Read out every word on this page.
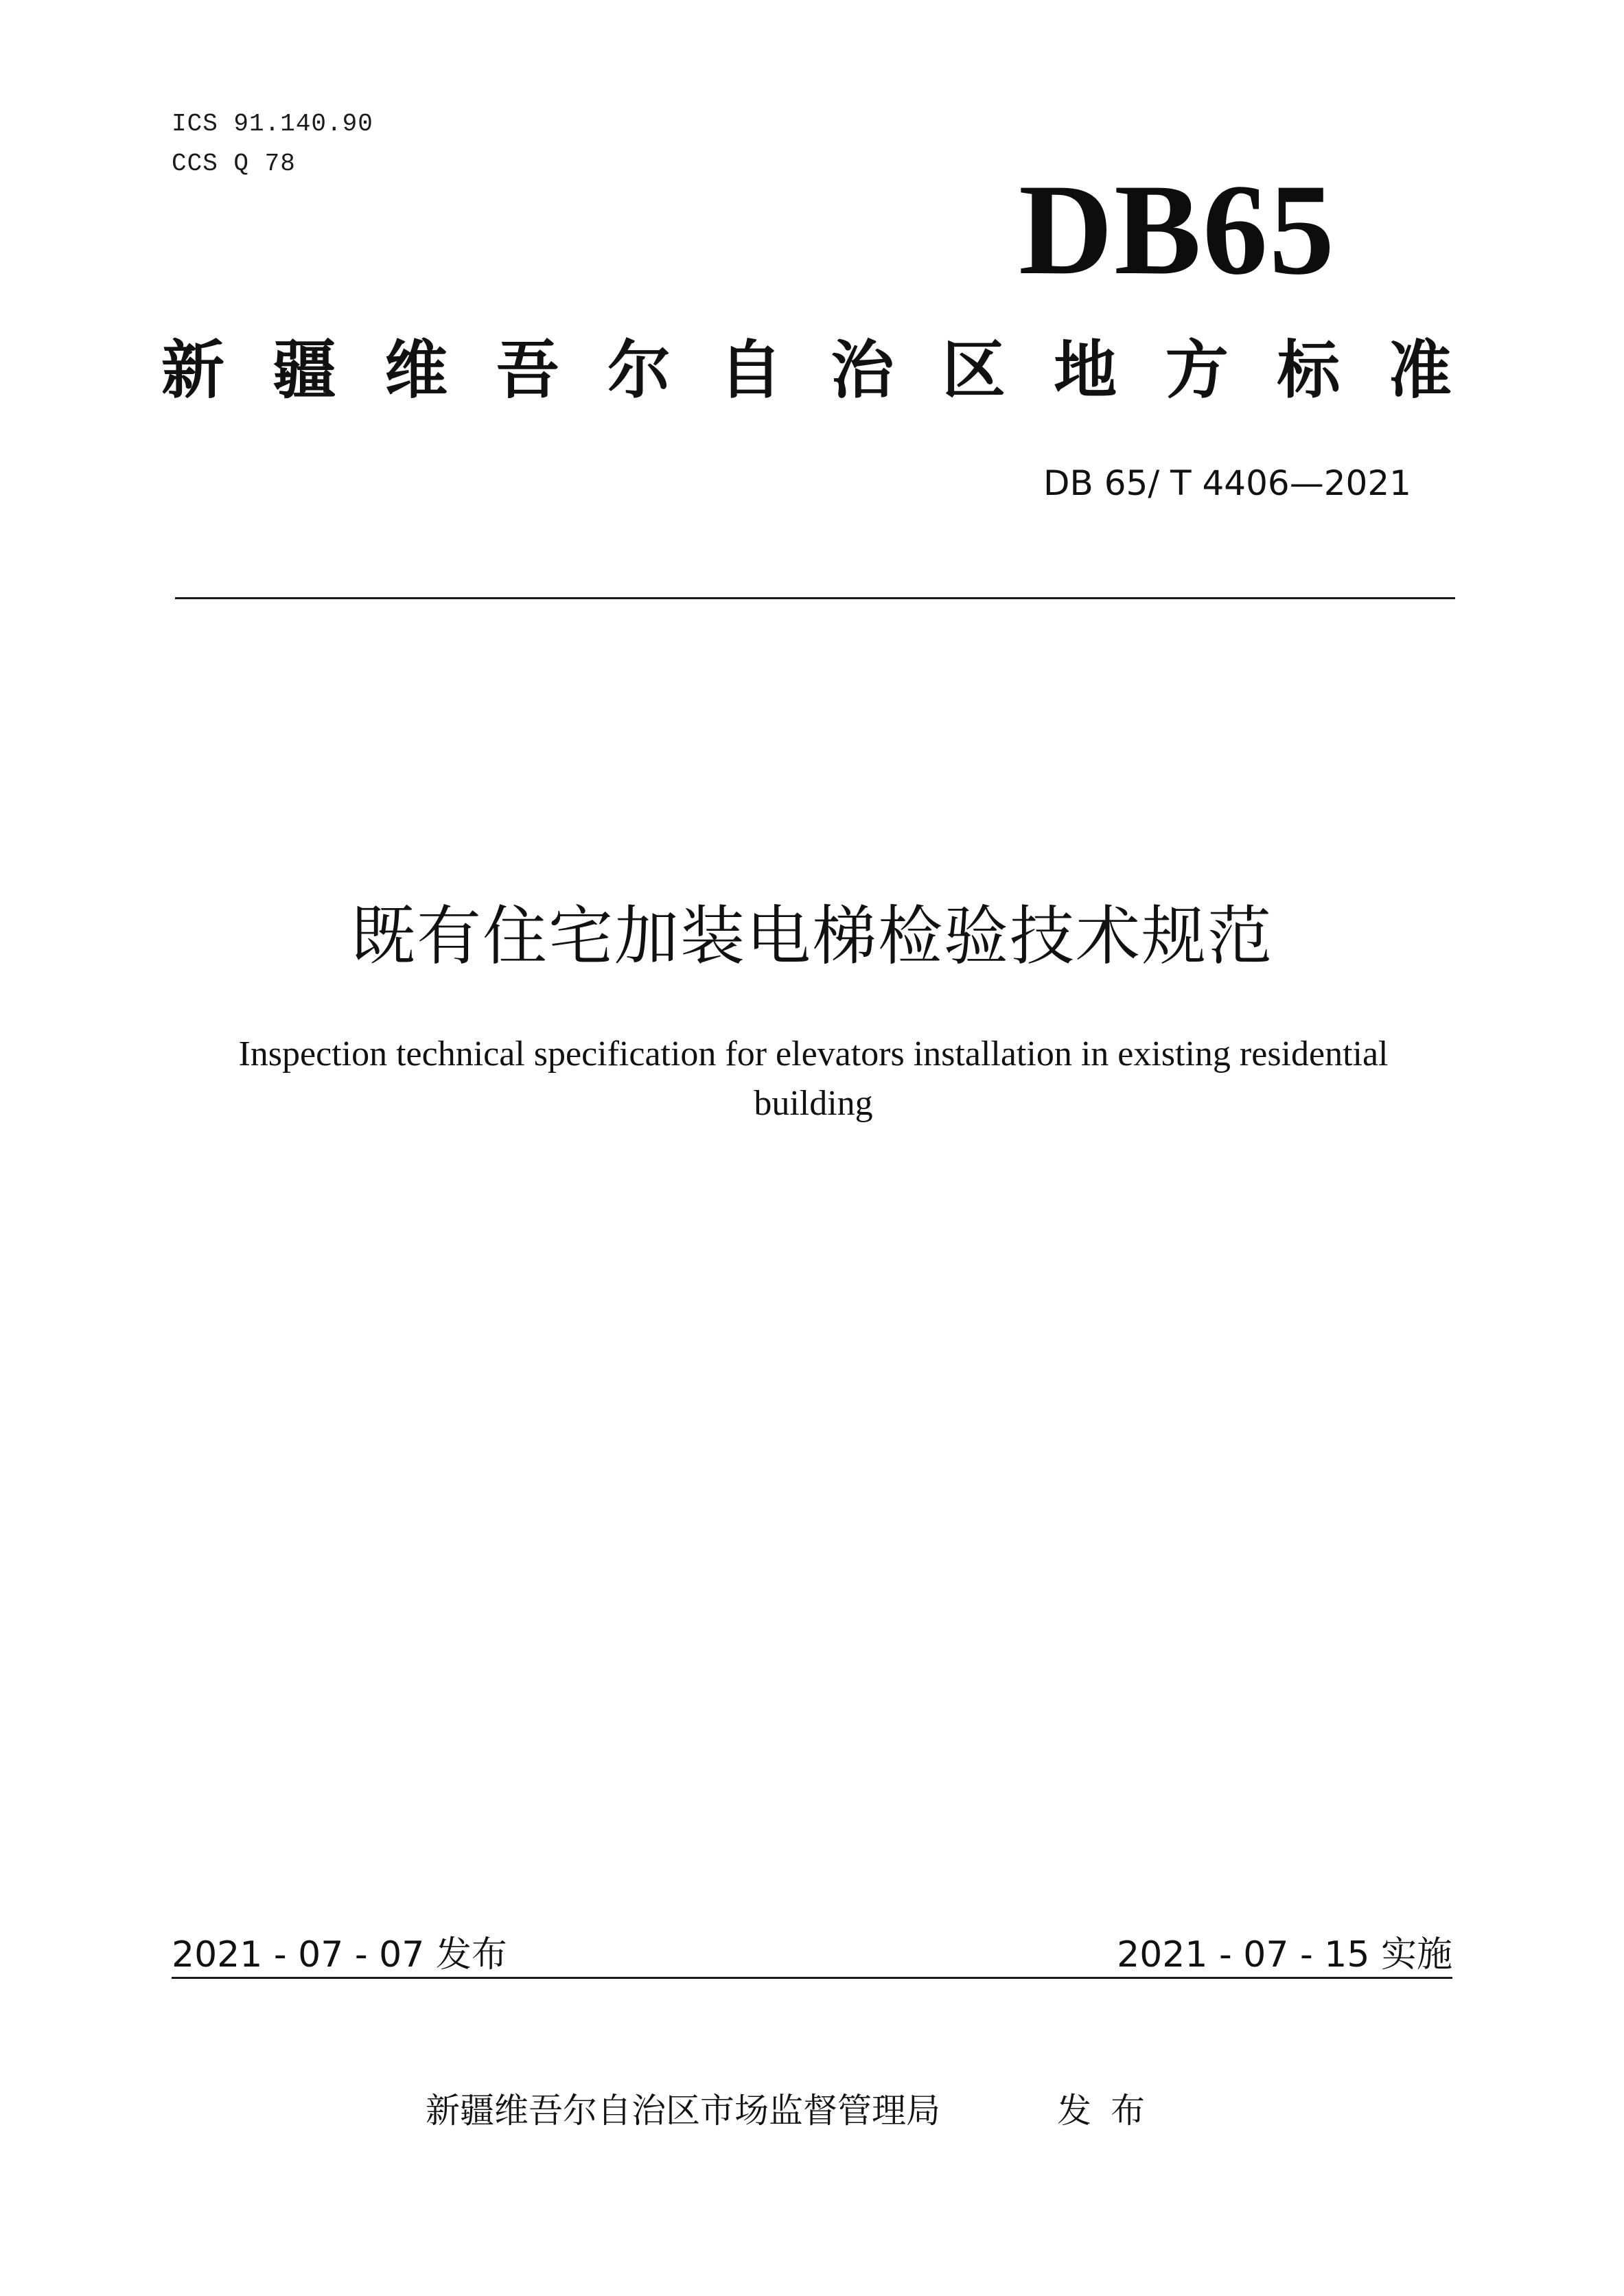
ICS 91.140.90
CCS Q 78	DB65
新 疆 维 吾 尔 自 治 区 地 方 标 准
DB 65/ T 4406—2021
既有住宅加装电梯检验技术规范
Inspection technical specification for elevators installation in existing residential building
2021 - 07 - 07 发布	2021 - 07 - 15 实施
新疆维吾尔自治区市场监督管理局	发布
